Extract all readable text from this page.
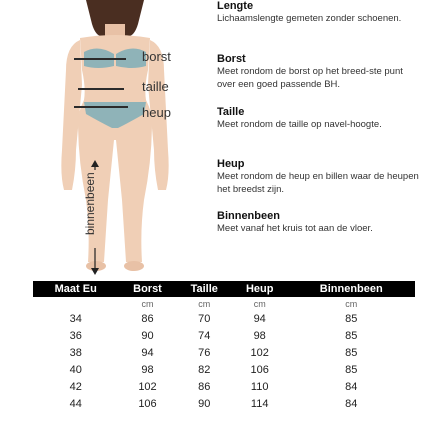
borst
taille
heup
binnenbeen
Lengte
Lichaamslengte gemeten zonder schoenen.
Borst
Meet rondom de borst op het breed-ste punt over een goed passende BH.
Taille
Meet rondom de taille op navel-hoogte.
Heup
Meet rondom de heup en billen waar de heupen het breedst zijn.
Binnenbeen
Meet vanaf het kruis tot aan de vloer.
Maat Eu	Borst	Taille	Heup	Binnenbeen
	cm	cm	cm	cm
34	86	70	94	85
36	90	74	98	85
38	94	76	102	85
40	98	82	106	85
42	102	86	110	84
44	106	90	114	84
